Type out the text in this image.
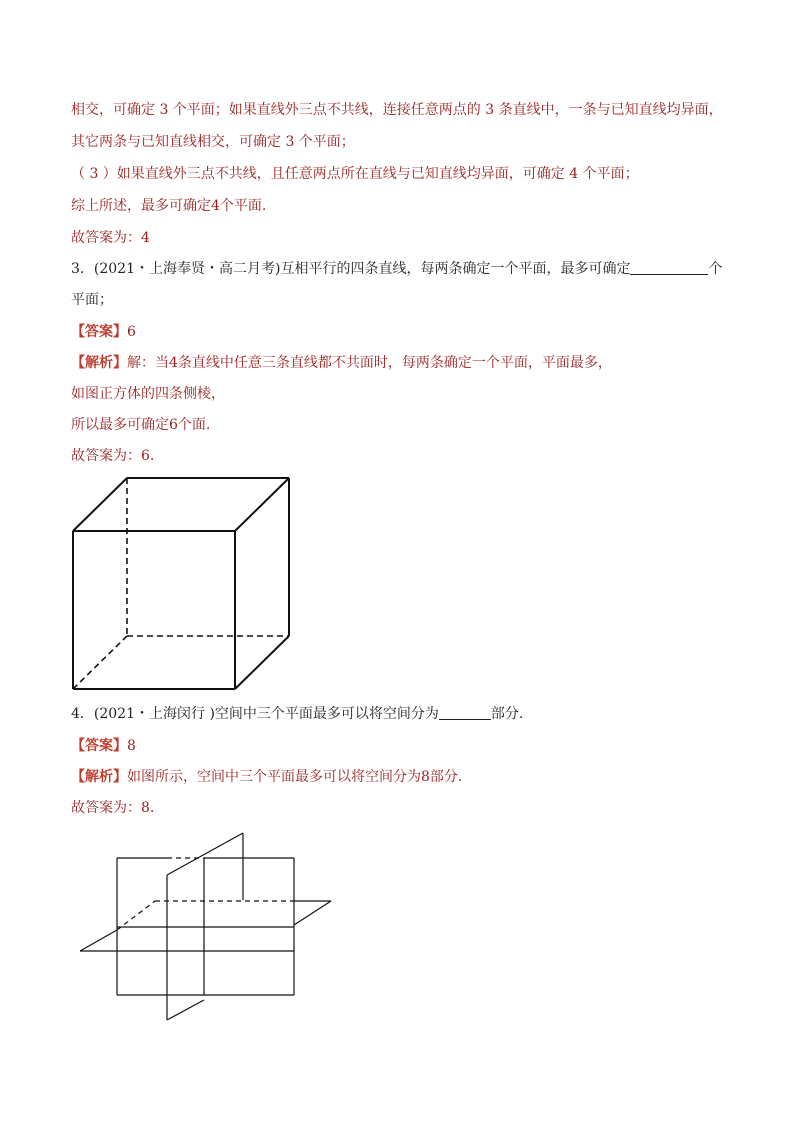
相交，可确定 3 个平面；如果直线外三点不共线，连接任意两点的 3 条直线中，一条与已知直线均异面，
其它两条与已知直线相交，可确定 3 个平面；
（ 3 ）如果直线外三点不共线，且任意两点所在直线与已知直线均异面，可确定 4 个平面；
综上所述，最多可确定4个平面.
故答案为：4
3．(2021・上海奉贤・高二月考)互相平行的四条直线，每两条确定一个平面，最多可确定	个
平面；
【答案】6
【解析】解：当4条直线中任意三条直线都不共面时，每两条确定一个平面，平面最多，
如图正方体的四条侧棱，
所以最多可确定6个面.
故答案为：6.
4．(2021・上海闵行 )空间中三个平面最多可以将空间分为	部分.
【答案】8
【解析】如图所示，空间中三个平面最多可以将空间分为8部分.
故答案为：8.
